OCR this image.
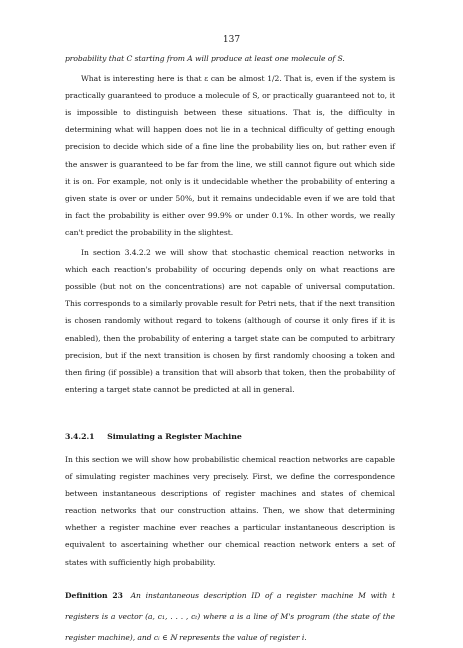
137

probability that C starting from A will produce at least one molecule of S.

What is interesting here is that ε can be almost 1/2. That is, even if the system is practically guaranteed to produce a molecule of S, or practically guaranteed not to, it is impossible to distinguish between these situations. That is, the difficulty in determining what will happen does not lie in a technical difficulty of getting enough precision to decide which side of a fine line the probability lies on, but rather even if the answer is guaranteed to be far from the line, we still cannot figure out which side it is on. For example, not only is it undecidable whether the probability of entering a given state is over or under 50%, but it remains undecidable even if we are told that in fact the probability is either over 99.9% or under 0.1%. In other words, we really can't predict the probability in the slightest.

In section 3.4.2.2 we will show that stochastic chemical reaction networks in which each reaction's probability of occuring depends only on what reactions are possible (but not on the concentrations) are not capable of universal computation. This corresponds to a similarly provable result for Petri nets, that if the next transition is chosen randomly without regard to tokens (although of course it only fires if it is enabled), then the probability of entering a target state can be computed to arbitrary precision, but if the next transition is chosen by first randomly choosing a token and then firing (if possible) a transition that will absorb that token, then the probability of entering a target state cannot be predicted at all in general.

3.4.2.1 Simulating a Register Machine

In this section we will show how probabilistic chemical reaction networks are capable of simulating register machines very precisely. First, we define the correspondence between instantaneous descriptions of register machines and states of chemical reaction networks that our construction attains. Then, we show that determining whether a register machine ever reaches a particular instantaneous description is equivalent to ascertaining whether our chemical reaction network enters a set of states with sufficiently high probability.

Definition 23 An instantaneous description ID of a register machine M with t registers is a vector (a, c₁, . . . , cₜ) where a is a line of M's program (the state of the register machine), and cᵢ ∈ ℕ represents the value of register i.
